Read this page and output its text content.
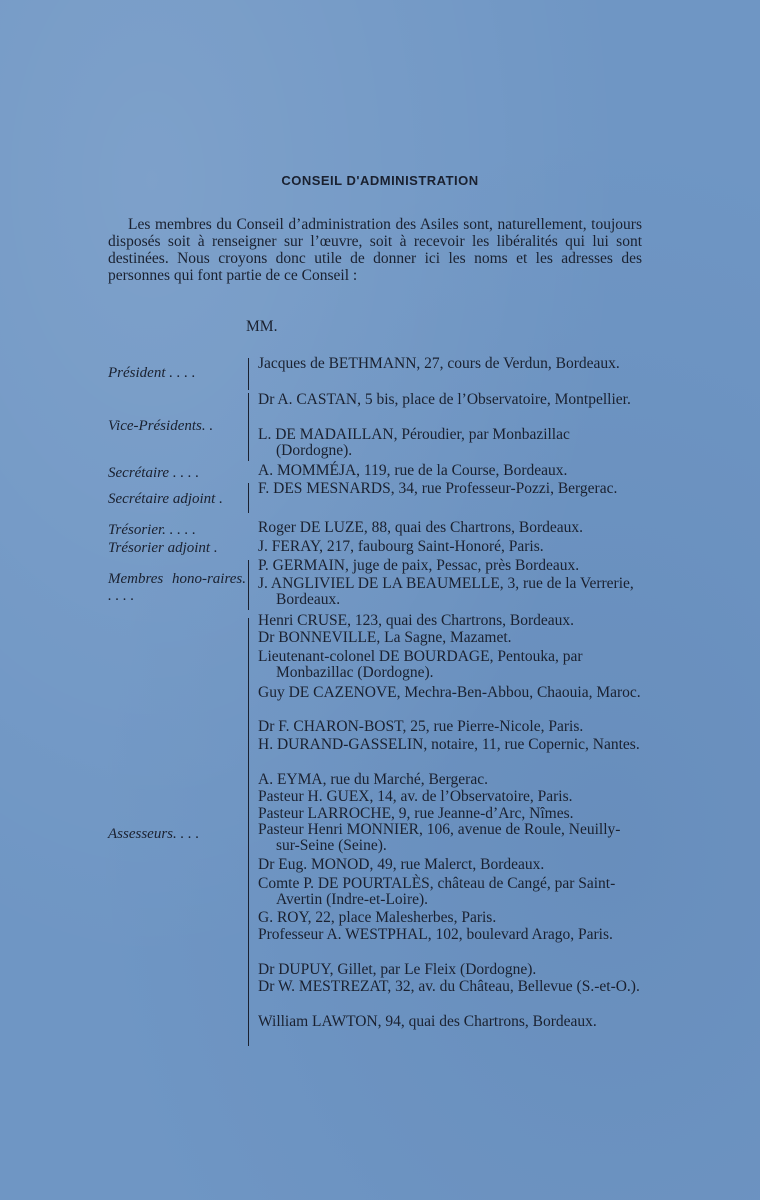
CONSEIL D'ADMINISTRATION

Les membres du Conseil d’administration des Asiles sont, naturellement, toujours disposés soit à renseigner sur l’œuvre, soit à recevoir les libéralités qui lui sont destinées. Nous croyons donc utile de donner ici les noms et les adresses des personnes qui font partie de ce Conseil :

MM.
Président . . . .
Vice-Présidents. .
Secrétaire . . . .
Secrétaire adjoint .
Trésorier. . . . .
Trésorier adjoint .
Membres hono-raires. . . . .
Assesseurs. . . .
Jacques de BETHMANN, 27, cours de Verdun, Bordeaux.
Dr A. CASTAN, 5 bis, place de l’Observatoire, Montpellier.
L. DE MADAILLAN, Péroudier, par Monbazillac (Dordogne).
A. MOMMÉJA, 119, rue de la Course, Bordeaux.
F. DES MESNARDS, 34, rue Professeur-Pozzi, Bergerac.
Roger DE LUZE, 88, quai des Chartrons, Bordeaux.
J. FERAY, 217, faubourg Saint-Honoré, Paris.
P. GERMAIN, juge de paix, Pessac, près Bordeaux.
J. ANGLIVIEL DE LA BEAUMELLE, 3, rue de la Verrerie, Bordeaux.
Henri CRUSE, 123, quai des Chartrons, Bordeaux.
Dr BONNEVILLE, La Sagne, Mazamet.
Lieutenant-colonel DE BOURDAGE, Pentouka, par Monbazillac (Dordogne).
Guy DE CAZENOVE, Mechra-Ben-Abbou, Chaouia, Maroc.
Dr F. CHARON-BOST, 25, rue Pierre-Nicole, Paris.
H. DURAND-GASSELIN, notaire, 11, rue Copernic, Nantes.
A. EYMA, rue du Marché, Bergerac.
Pasteur H. GUEX, 14, av. de l’Observatoire, Paris.
Pasteur LARROCHE, 9, rue Jeanne-d’Arc, Nîmes.
Pasteur Henri MONNIER, 106, avenue de Roule, Neuilly-sur-Seine (Seine).
Dr Eug. MONOD, 49, rue Malerct, Bordeaux.
Comte P. DE POURTALÈS, château de Cangé, par Saint-Avertin (Indre-et-Loire).
G. ROY, 22, place Malesherbes, Paris.
Professeur A. WESTPHAL, 102, boulevard Arago, Paris.
Dr DUPUY, Gillet, par Le Fleix (Dordogne).
Dr W. MESTREZAT, 32, av. du Château, Bellevue (S.-et-O.).
William LAWTON, 94, quai des Chartrons, Bordeaux.
